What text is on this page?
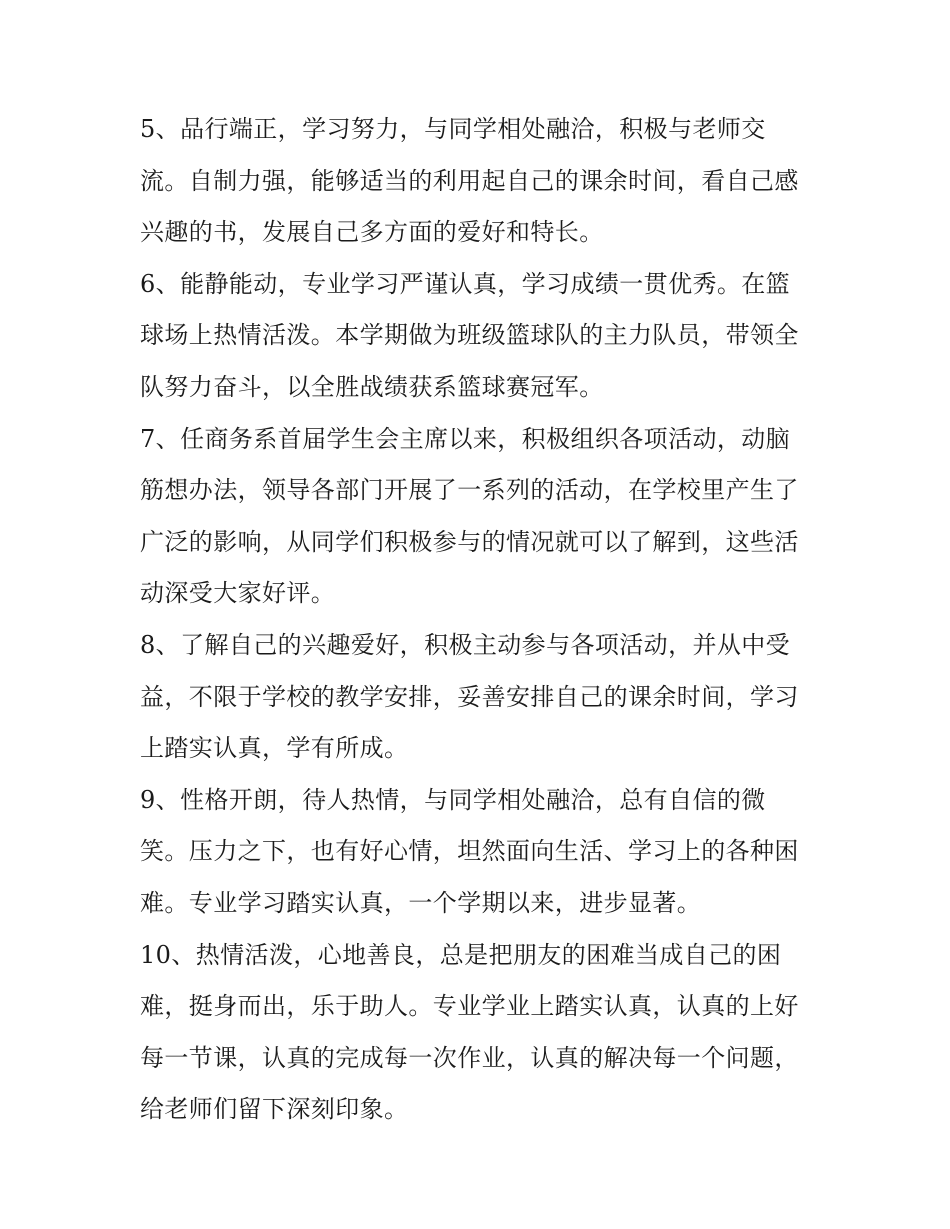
5、品行端正，学习努力，与同学相处融洽，积极与老师交
流。自制力强，能够适当的利用起自己的课余时间，看自己感
兴趣的书，发展自己多方面的爱好和特长。

6、能静能动，专业学习严谨认真，学习成绩一贯优秀。在篮
球场上热情活泼。本学期做为班级篮球队的主力队员，带领全
队努力奋斗，以全胜战绩获系篮球赛冠军。

7、任商务系首届学生会主席以来，积极组织各项活动，动脑
筋想办法，领导各部门开展了一系列的活动，在学校里产生了
广泛的影响，从同学们积极参与的情况就可以了解到，这些活
动深受大家好评。

8、了解自己的兴趣爱好，积极主动参与各项活动，并从中受
益，不限于学校的教学安排，妥善安排自己的课余时间，学习
上踏实认真，学有所成。

9、性格开朗，待人热情，与同学相处融洽，总有自信的微
笑。压力之下，也有好心情，坦然面向生活、学习上的各种困
难。专业学习踏实认真，一个学期以来，进步显著。

10、热情活泼，心地善良，总是把朋友的困难当成自己的困
难，挺身而出，乐于助人。专业学业上踏实认真，认真的上好
每一节课，认真的完成每一次作业，认真的解决每一个问题，
给老师们留下深刻印象。
